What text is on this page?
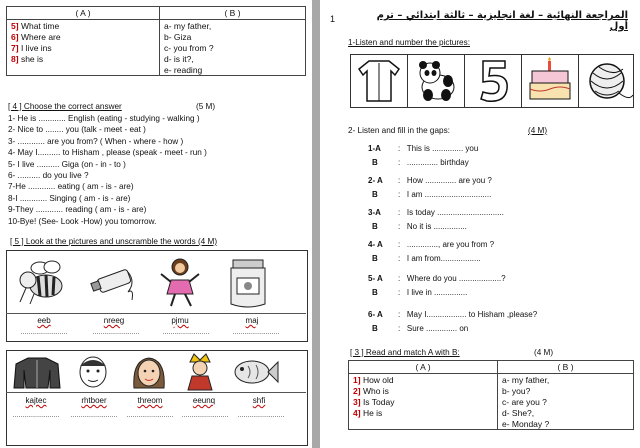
( A )	( B )
5] What time	a- my father,
6] Where are	b- Giza
7] I live ins	c- you from ?
8] she is	d- is it?,
	e- reading
[ 4 ] Choose the correct answer	(5 M)
1- He is ............ English (eating - studying - walking )
2- Nice to ........ you (talk - meet - eat )
3- ............ are you from? ( When - where - how )
4- May I.......... to Hisham , please (speak - meet - run )
5- I live .......... Giga (on - in - to )
6- .......... do you live ?
7-He ............ eating ( am - is - are)
8-I ............ Singing ( am - is - are)
9-They ............ reading ( am - is - are)
10-Bye! (See- Look -How) you tomorrow.
[ 5 ] Look at the pictures and unscramble the words (4 M)
eeb	nreeg	pjmu	maj
........................	........................	........................	........................
kajtec	rhtboer	threom	eeunq	shfi
........................	........................	........................	........................	........................
1	المراجعة النهائية – لغة انجليزية – ثالثة ابتدائي – ترم أول
1-Listen and number the pictures:
2- Listen and fill in the gaps:	(4 M)
1-A :   This is .............. you
B	:   .............. birthday
2- A :   How .............. are you ?
B	:   I am ..............................
3-A :   Is today ..............................
B	:   No it is ...............
4- A :   .............., are you from ?
B	:   I am from..................
5- A :   Where do you ...................?
B	:   I live in ...............
6- A :   May I.................. to Hisham ,please?
B	:   Sure .............. on
[ 3 ] Read and match A with B:	(4 M)
( A )	( B )
1] How old	a- my father,
2] Who is	b- you?
3] Is Today	c- are you ?
4] He is	d- She?,
	e- Monday ?
